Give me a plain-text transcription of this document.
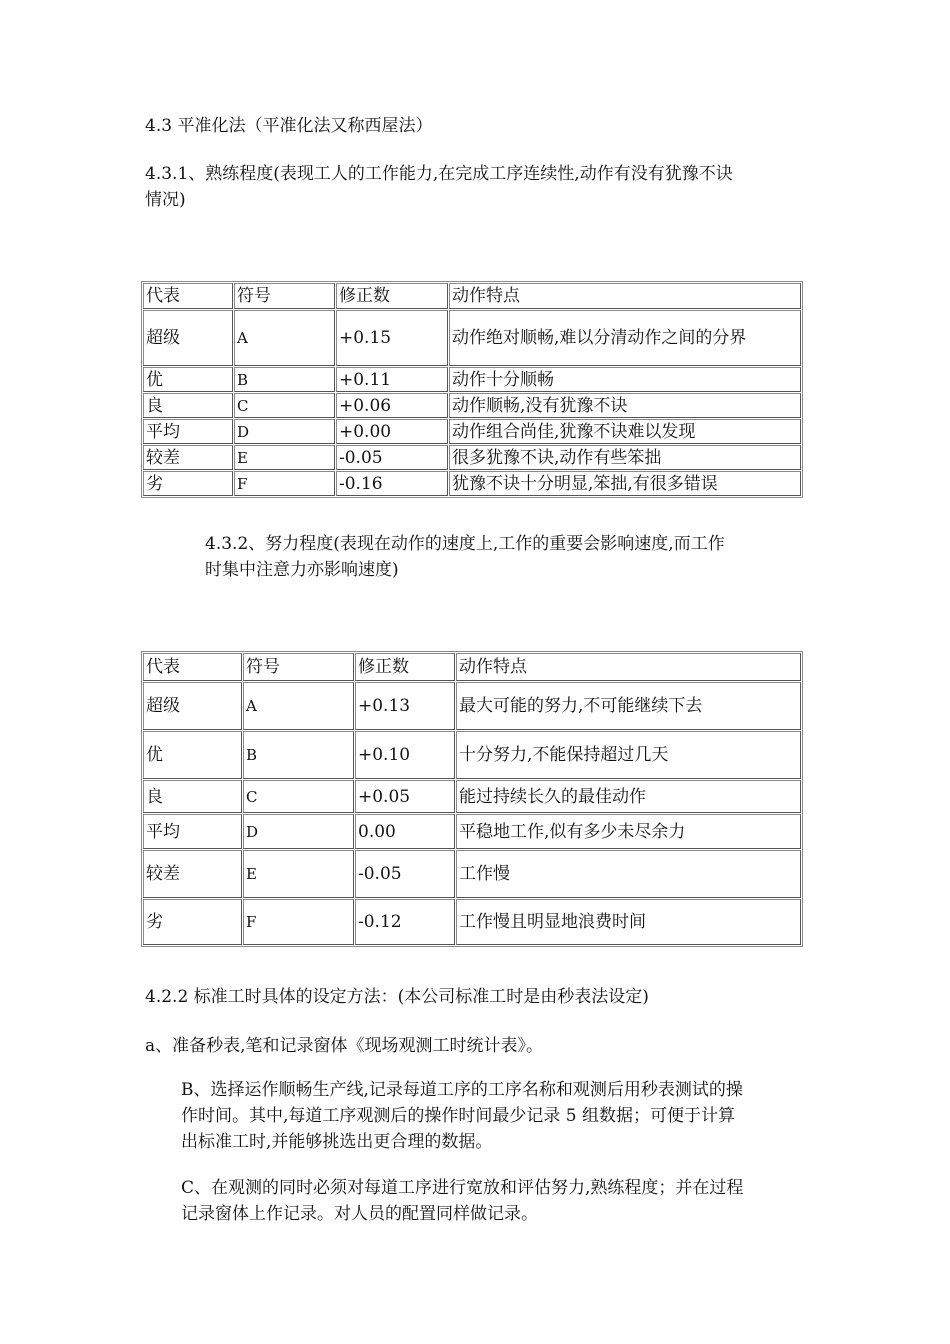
4.3 平准化法（平准化法又称西屋法）

4.3.1、熟练程度(表现工人的工作能力,在完成工序连续性,动作有没有犹豫不诀
情况)

代表	符号	修正数	动作特点
超级	A	+0.15	动作绝对顺畅,难以分清动作之间的分界
优	B	+0.11	动作十分顺畅
良	C	+0.06	动作顺畅,没有犹豫不诀
平均	D	+0.00	动作组合尚佳,犹豫不诀难以发现
较差	E	-0.05	很多犹豫不诀,动作有些笨拙
劣	F	-0.16	犹豫不诀十分明显,笨拙,有很多错误

4.3.2、努力程度(表现在动作的速度上,工作的重要会影响速度,而工作
时集中注意力亦影响速度)

代表	符号	修正数	动作特点
超级	A	+0.13	最大可能的努力,不可能继续下去
优	B	+0.10	十分努力,不能保持超过几天
良	C	+0.05	能过持续长久的最佳动作
平均	D	0.00	平稳地工作,似有多少未尽余力
较差	E	-0.05	工作慢
劣	F	-0.12	工作慢且明显地浪费时间

4.2.2 标准工时具体的设定方法：(本公司标准工时是由秒表法设定)

a、准备秒表,笔和记录窗体《现场观测工时统计表》。

B、选择运作顺畅生产线,记录每道工序的工序名称和观测后用秒表测试的操
作时间。其中,每道工序观测后的操作时间最少记录 5 组数据；可便于计算
出标准工时,并能够挑选出更合理的数据。

C、在观测的同时必须对每道工序进行宽放和评估努力,熟练程度；并在过程
记录窗体上作记录。对人员的配置同样做记录。
